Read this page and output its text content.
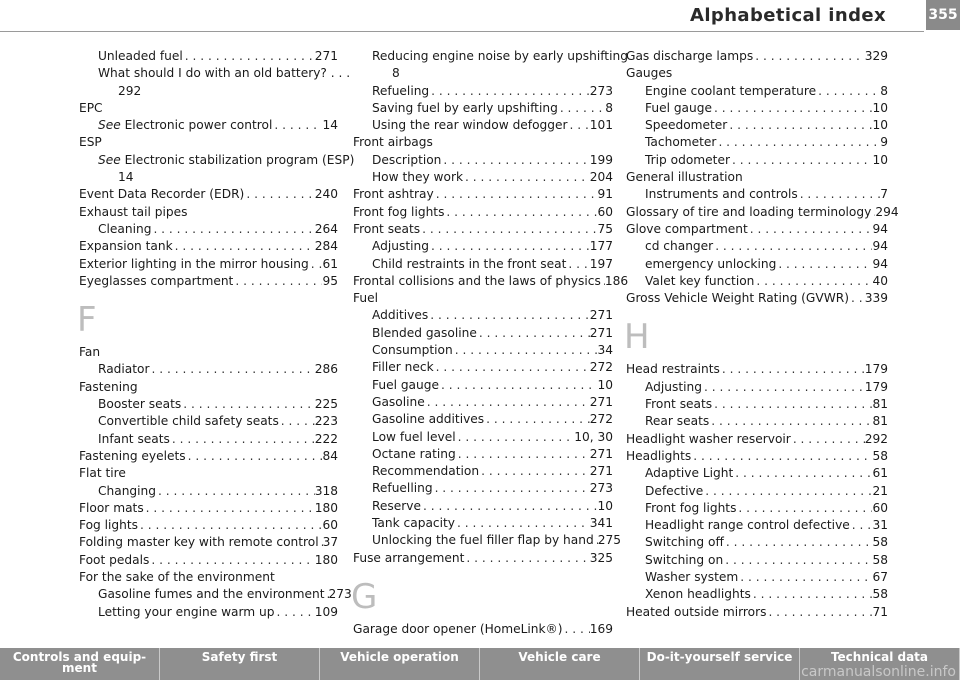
Alphabetical index	355
Unleaded fuel . . .	271
What should I do with an old battery? . . .
292
EPC
See Electronic power control . . .	14
ESP
See Electronic stabilization program (ESP)
14
Event Data Recorder (EDR) . . .	240
Exhaust tail pipes
Cleaning . . .	264
Expansion tank . . .	284
Exterior lighting in the mirror housing . . . 61
Eyeglasses compartment . . .	95
F
Fan
Radiator . . .	286
Fastening
Booster seats . . .	225
Convertible child safety seats . . .	223
Infant seats . . .	222
Fastening eyelets . . .	84
Flat tire
Changing . . .	318
Floor mats . . .	180
Fog lights . . .	60
Folding master key with remote control . . . 37
Foot pedals . . .	180
For the sake of the environment
Gasoline fumes and the environment . . . 273
Letting your engine warm up . . .	109
Reducing engine noise by early upshifting
8
Refueling . . .	273
Saving fuel by early upshifting . . .	8
Using the rear window defogger . . . 101
Front airbags
Description . . .	199
How they work . . .	204
Front ashtray . . .	91
Front fog lights . . .	60
Front seats . . .	75
Adjusting . . .	177
Child restraints in the front seat . . . 197
Frontal collisions and the laws of physics . . . 186
Fuel
Additives . . .	271
Blended gasoline . . .	271
Consumption . . .	34
Filler neck . . .	272
Fuel gauge . . .	10
Gasoline . . .	271
Gasoline additives . . .	272
Low fuel level . . .	10, 30
Octane rating . . .	271
Recommendation . . .	271
Refuelling . . .	273
Reserve . . .	10
Tank capacity . . .	341
Unlocking the fuel filler flap by hand . . . 275
Fuse arrangement . . .	325
G
Garage door opener (HomeLink®) . . . 169
Gas discharge lamps . . .	329
Gauges
Engine coolant temperature . . .	8
Fuel gauge . . .	10
Speedometer . . .	10
Tachometer . . .	9
Trip odometer . . .	10
General illustration
Instruments and controls . . .	7
Glossary of tire and loading terminology . . . 294
Glove compartment . . .	94
cd changer . . .	94
emergency unlocking . . .	94
Valet key function . . .	40
Gross Vehicle Weight Rating (GVWR) . . . 339
H
Head restraints . . .	179
Adjusting . . .	179
Front seats . . .	81
Rear seats . . .	81
Headlight washer reservoir . . .	292
Headlights . . .	58
Adaptive Light . . .	61
Defective . . .	21
Front fog lights . . .	60
Headlight range control defective . . . 31
Switching off . . .	58
Switching on . . .	58
Washer system . . .	67
Xenon headlights . . .	58
Heated outside mirrors . . .	71
Controls and equip-
ment
Safety first	Vehicle operation	Vehicle care	Do-it-yourself service	Technical data
carmanualsonline.info
